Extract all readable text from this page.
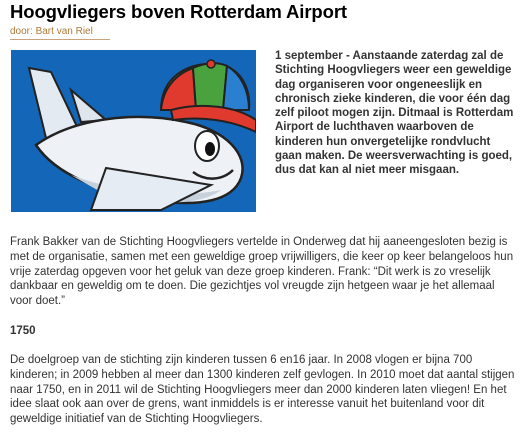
Hoogvliegers boven Rotterdam Airport
door: Bart van Riel

1 september - Aanstaande zaterdag zal de Stichting Hoogvliegers weer een geweldige dag organiseren voor ongeneeslijk en chronisch zieke kinderen, die voor één dag zelf piloot mogen zijn. Ditmaal is Rotterdam Airport de luchthaven waarboven de kinderen hun onvergetelijke rondvlucht gaan maken. De weersverwachting is goed, dus dat kan al niet meer misgaan.

Frank Bakker van de Stichting Hoogvliegers vertelde in Onderweg dat hij aaneengesloten bezig is met de organisatie, samen met een geweldige groep vrijwilligers, die keer op keer belangeloos hun vrije zaterdag opgeven voor het geluk van deze groep kinderen. Frank: “Dit werk is zo vreselijk dankbaar en geweldig om te doen. Die gezichtjes vol vreugde zijn hetgeen waar je het allemaal voor doet.”

1750

De doelgroep van de stichting zijn kinderen tussen 6 en16 jaar. In 2008 vlogen er bijna 700 kinderen; in 2009 hebben al meer dan 1300 kinderen zelf gevlogen. In 2010 moet dat aantal stijgen naar 1750, en in 2011 wil de Stichting Hoogvliegers meer dan 2000 kinderen laten vliegen! En het idee slaat ook aan over de grens, want inmiddels is er interesse vanuit het buitenland voor dit geweldige initiatief van de Stichting Hoogvliegers.
